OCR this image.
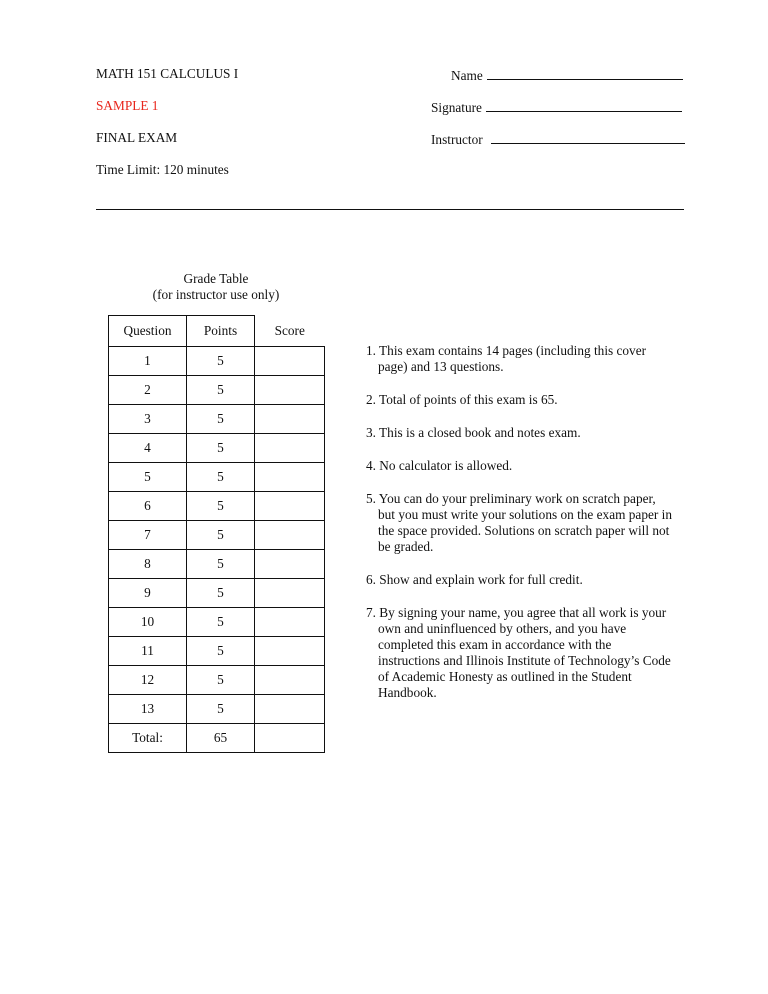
MATH 151 CALCULUS I
SAMPLE 1
FINAL EXAM
Time Limit: 120 minutes
Name
Signature
Instructor
Grade Table
(for instructor use only)
Question	Points	Score
1	5	
2	5	
3	5	
4	5	
5	5	
6	5	
7	5	
8	5	
9	5	
10	5	
11	5	
12	5	
13	5	
Total:	65	
1. This exam contains 14 pages (including this cover page) and 13 questions.
2. Total of points of this exam is 65.
3. This is a closed book and notes exam.
4. No calculator is allowed.
5. You can do your preliminary work on scratch paper, but you must write your solutions on the exam paper in the space provided. Solutions on scratch paper will not be graded.
6. Show and explain work for full credit.
7. By signing your name, you agree that all work is your own and uninfluenced by others, and you have completed this exam in accordance with the instructions and Illinois Institute of Technology’s Code of Academic Honesty as outlined in the Student Handbook.
